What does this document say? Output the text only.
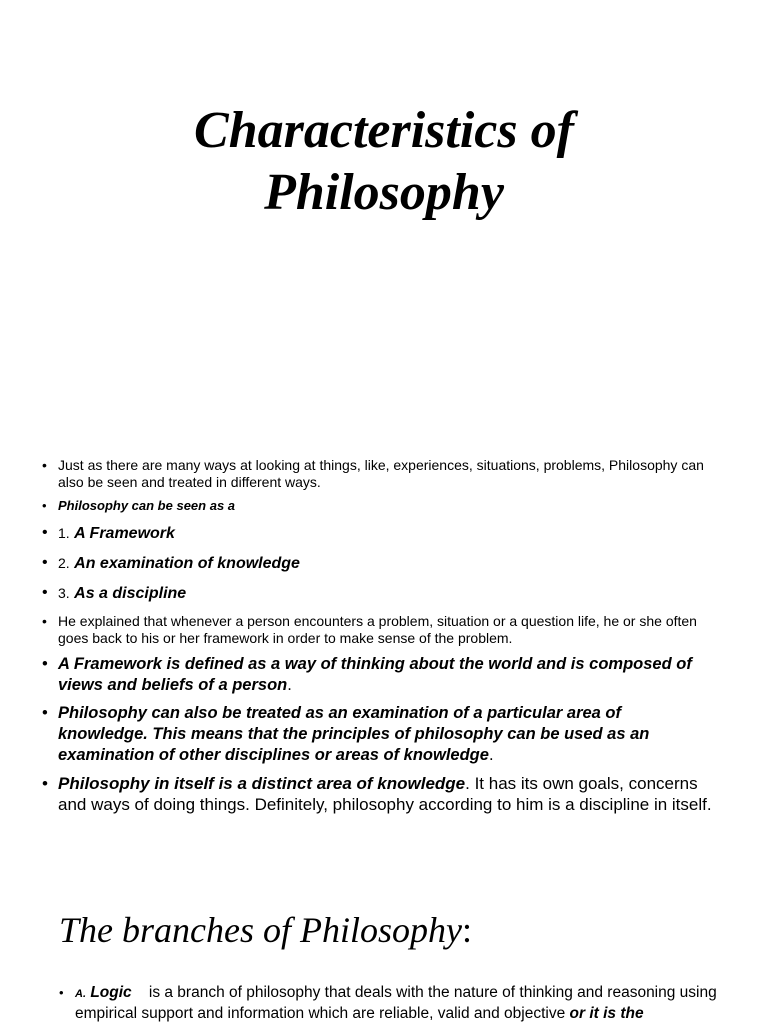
Characteristics of
Philosophy
• Just as there are many ways at looking at things, like, experiences, situations, problems, Philosophy can also be seen and treated in different ways.
• Philosophy can be seen as a
• 1. A Framework
• 2. An examination of knowledge
• 3. As a discipline
• He explained that whenever a person encounters a problem, situation or a question life, he or she often goes back to his or her framework in order to make sense of the problem.
• A Framework is defined as a way of thinking about the world and is composed of views and beliefs of a person.
• Philosophy can also be treated as an examination of a particular area of knowledge. This means that the principles of philosophy can be used as an examination of other disciplines or areas of knowledge.
• Philosophy in itself is a distinct area of knowledge. It has its own goals, concerns and ways of doing things. Definitely, philosophy according to him is a discipline in itself.
The branches of Philosophy:
• A. Logic    is a branch of philosophy that deals with the nature of thinking and reasoning using empirical support and information which are reliable, valid and objective or it is the
